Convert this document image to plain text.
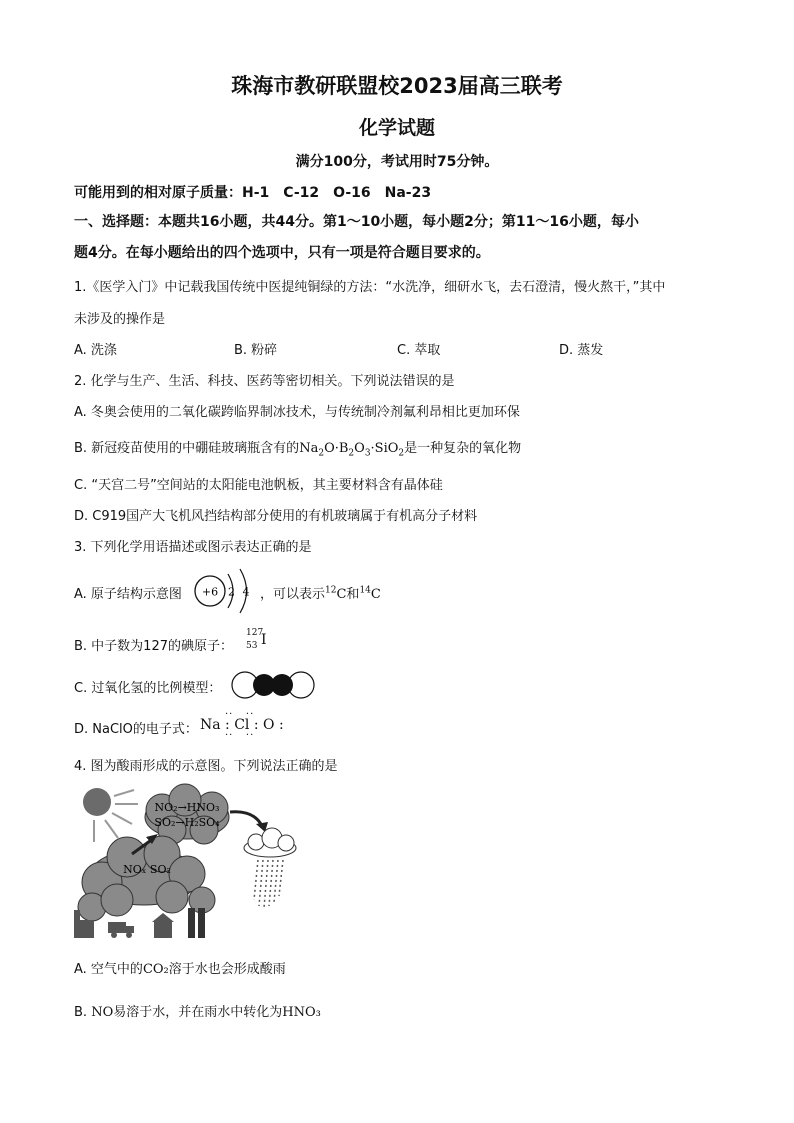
珠海市教研联盟校2023届高三联考
化学试题
满分100分，考试用时75分钟。
可能用到的相对原子质量：H-1　C-12　O-16　Na-23
一、选择题：本题共16小题，共44分。第1～10小题，每小题2分；第11～16小题，每小
题4分。在每小题给出的四个选项中，只有一项是符合题目要求的。
1.《医学入门》中记载我国传统中医提纯铜绿的方法：“水洗净，细研水飞，去石澄清，慢火熬干，”其中
未涉及的操作是
A. 洗涤	B. 粉碎	C. 萃取	D. 蒸发
2. 化学与生产、生活、科技、医药等密切相关。下列说法错误的是
A. 冬奥会使用的二氧化碳跨临界制冰技术，与传统制冷剂氟利昂相比更加环保
B. 新冠疫苗使用的中硼硅玻璃瓶含有的$Na_2O\cdot B_2O_3\cdot SiO_2$是一种复杂的氧化物
C. “天宫二号”空间站的太阳能电池帆板，其主要材料含有晶体硅
D. C919国产大飞机风挡结构部分使用的有机玻璃属于有机高分子材料
3. 下列化学用语描述或图示表达正确的是
A. 原子结构示意图 +6 2 4 ，可以表示$^{12}$C和$^{14}$C
B. 中子数为127的碘原子：
127
53 I
C. 过氧化氢的比例模型：
D. NaClO的电子式： Na : Cl : O :
··   ··
··   ··
4. 图为酸雨形成的示意图。下列说法正确的是
NO₂→HNO₃
SO₂→H₂SO₄
NOₓ SO₂
A. 空气中的CO₂溶于水也会形成酸雨
B. NO易溶于水，并在雨水中转化为HNO₃
